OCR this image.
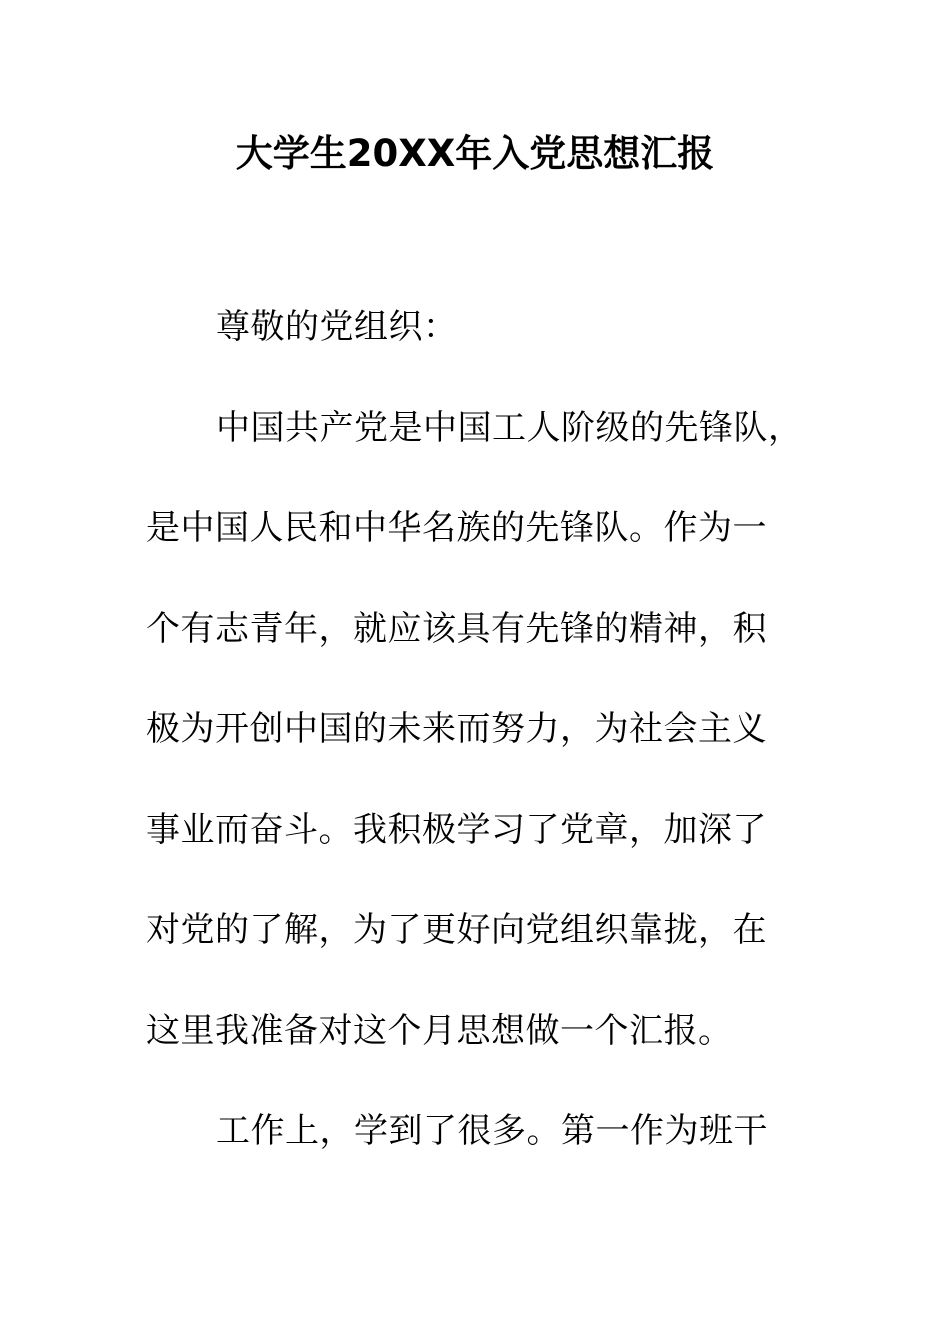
大学生20XX年入党思想汇报
尊敬的党组织：
中国共产党是中国工人阶级的先锋队，
是中国人民和中华名族的先锋队。作为一
个有志青年，就应该具有先锋的精神，积
极为开创中国的未来而努力，为社会主义
事业而奋斗。我积极学习了党章，加深了
对党的了解，为了更好向党组织靠拢，在
这里我准备对这个月思想做一个汇报。
工作上，学到了很多。第一作为班干
